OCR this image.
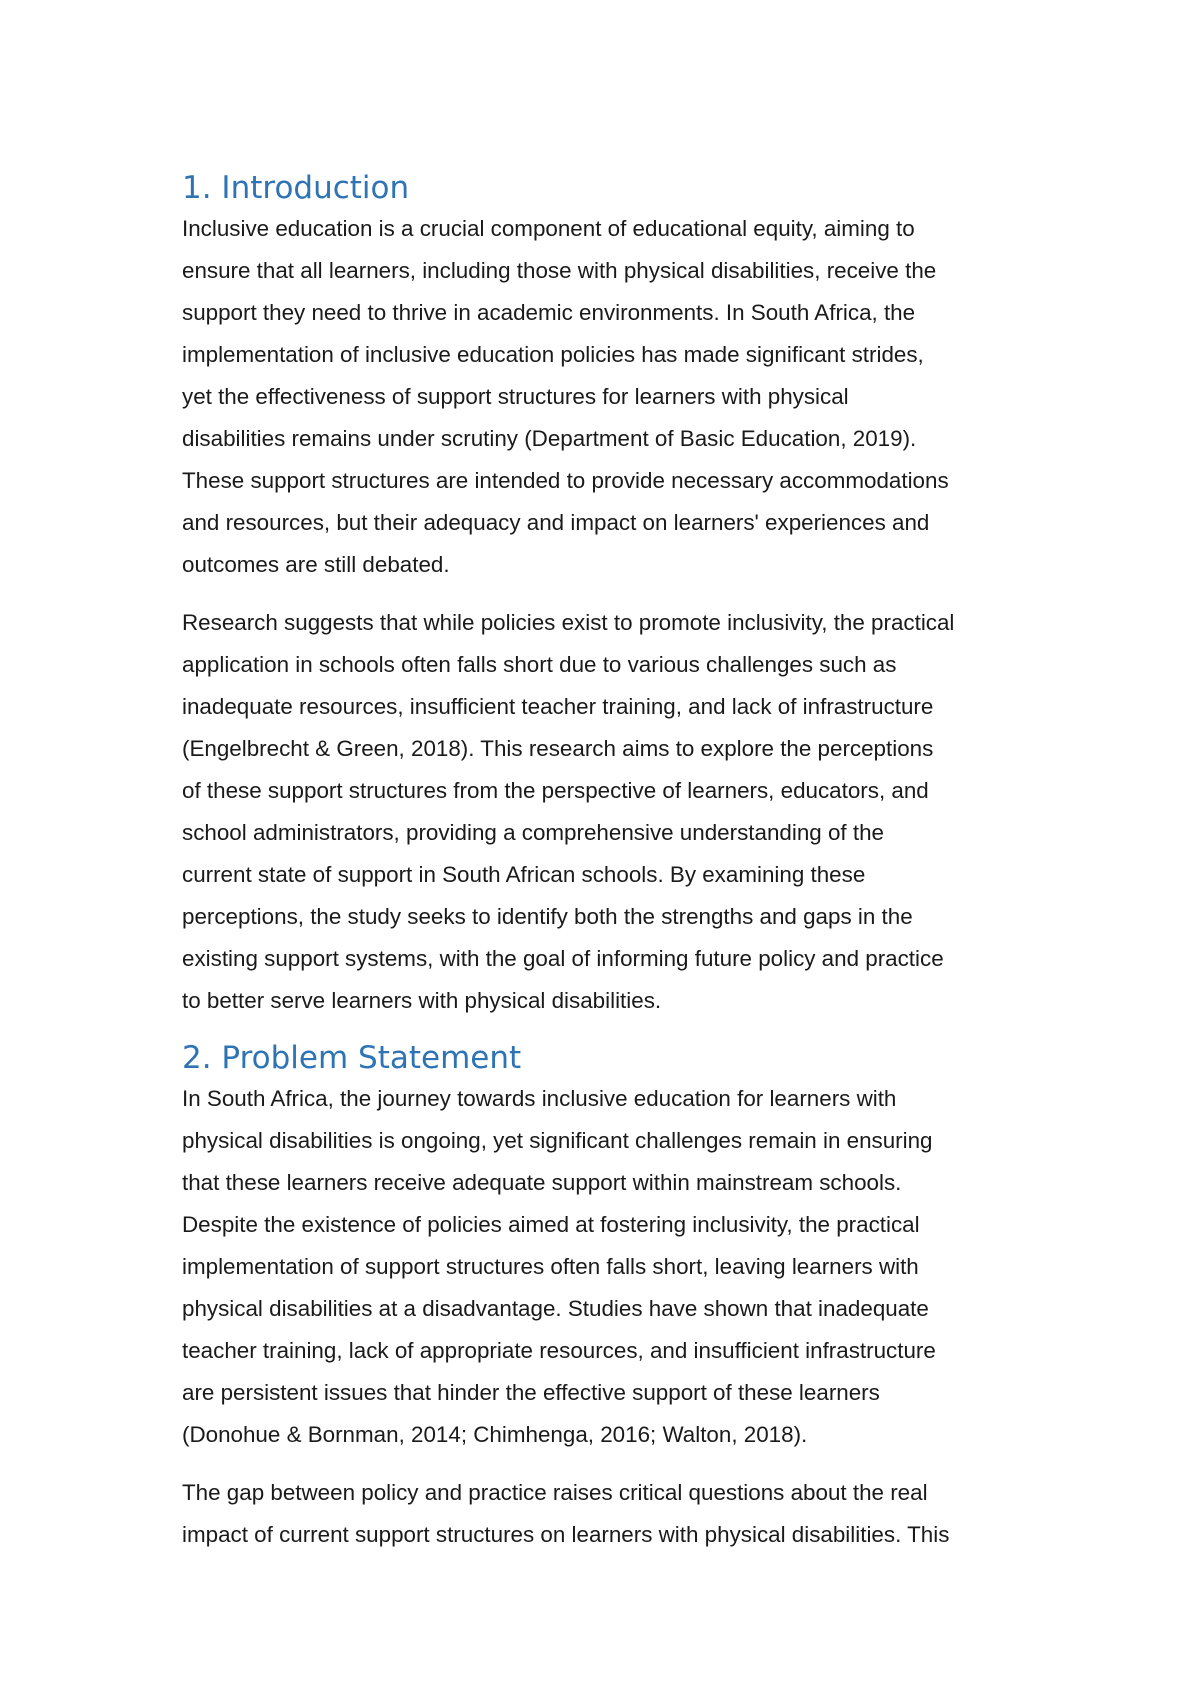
1. Introduction

Inclusive education is a crucial component of educational equity, aiming to
ensure that all learners, including those with physical disabilities, receive the
support they need to thrive in academic environments. In South Africa, the
implementation of inclusive education policies has made significant strides,
yet the effectiveness of support structures for learners with physical
disabilities remains under scrutiny (Department of Basic Education, 2019).
These support structures are intended to provide necessary accommodations
and resources, but their adequacy and impact on learners' experiences and
outcomes are still debated.

Research suggests that while policies exist to promote inclusivity, the practical
application in schools often falls short due to various challenges such as
inadequate resources, insufficient teacher training, and lack of infrastructure
(Engelbrecht & Green, 2018). This research aims to explore the perceptions
of these support structures from the perspective of learners, educators, and
school administrators, providing a comprehensive understanding of the
current state of support in South African schools. By examining these
perceptions, the study seeks to identify both the strengths and gaps in the
existing support systems, with the goal of informing future policy and practice
to better serve learners with physical disabilities.

2. Problem Statement

In South Africa, the journey towards inclusive education for learners with
physical disabilities is ongoing, yet significant challenges remain in ensuring
that these learners receive adequate support within mainstream schools.
Despite the existence of policies aimed at fostering inclusivity, the practical
implementation of support structures often falls short, leaving learners with
physical disabilities at a disadvantage. Studies have shown that inadequate
teacher training, lack of appropriate resources, and insufficient infrastructure
are persistent issues that hinder the effective support of these learners
(Donohue & Bornman, 2014; Chimhenga, 2016; Walton, 2018).

The gap between policy and practice raises critical questions about the real
impact of current support structures on learners with physical disabilities. This
